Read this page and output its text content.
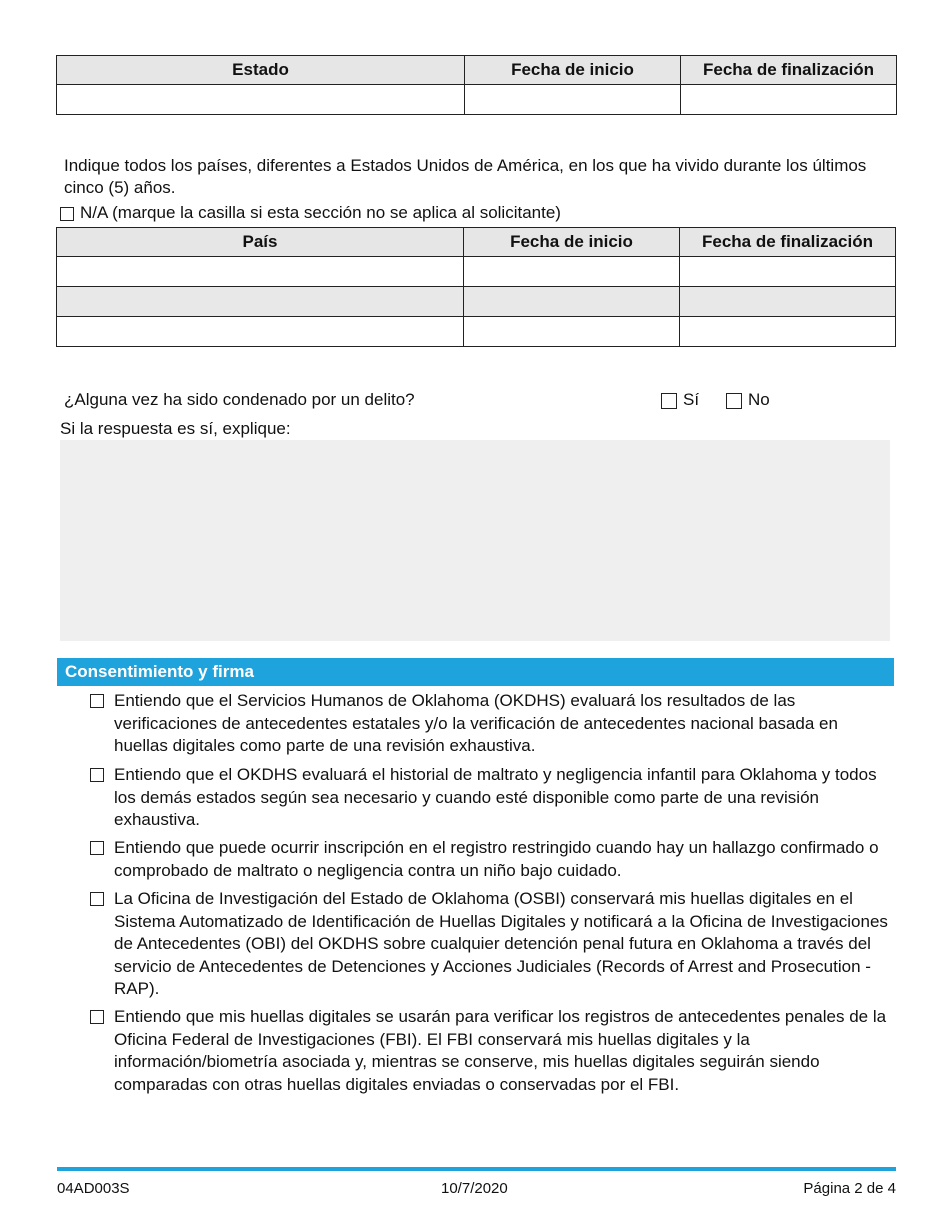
Estado	Fecha de inicio	Fecha de finalización

Indique todos los países, diferentes a Estados Unidos de América, en los que ha vivido durante los últimos cinco (5) años.
N/A (marque la casilla si esta sección no se aplica al solicitante)
País	Fecha de inicio	Fecha de finalización

¿Alguna vez ha sido condenado por un delito?	Sí	No
Si la respuesta es sí, explique:
Consentimiento y firma
Entiendo que el Servicios Humanos de Oklahoma (OKDHS) evaluará los resultados de las verificaciones de antecedentes estatales y/o la verificación de antecedentes nacional basada en huellas digitales como parte de una revisión exhaustiva.
Entiendo que el OKDHS evaluará el historial de maltrato y negligencia infantil para Oklahoma y todos los demás estados según sea necesario y cuando esté disponible como parte de una revisión exhaustiva.
Entiendo que puede ocurrir inscripción en el registro restringido cuando hay un hallazgo confirmado o comprobado de maltrato o negligencia contra un niño bajo cuidado.
La Oficina de Investigación del Estado de Oklahoma (OSBI) conservará mis huellas digitales en el Sistema Automatizado de Identificación de Huellas Digitales y notificará a la Oficina de Investigaciones de Antecedentes (OBI) del OKDHS sobre cualquier detención penal futura en Oklahoma a través del servicio de Antecedentes de Detenciones y Acciones Judiciales (Records of Arrest and Prosecution - RAP).
Entiendo que mis huellas digitales se usarán para verificar los registros de antecedentes penales de la Oficina Federal de Investigaciones (FBI). El FBI conservará mis huellas digitales y la información/biometría asociada y, mientras se conserve, mis huellas digitales seguirán siendo comparadas con otras huellas digitales enviadas o conservadas por el FBI.
04AD003S	10/7/2020	Página 2 de 4
